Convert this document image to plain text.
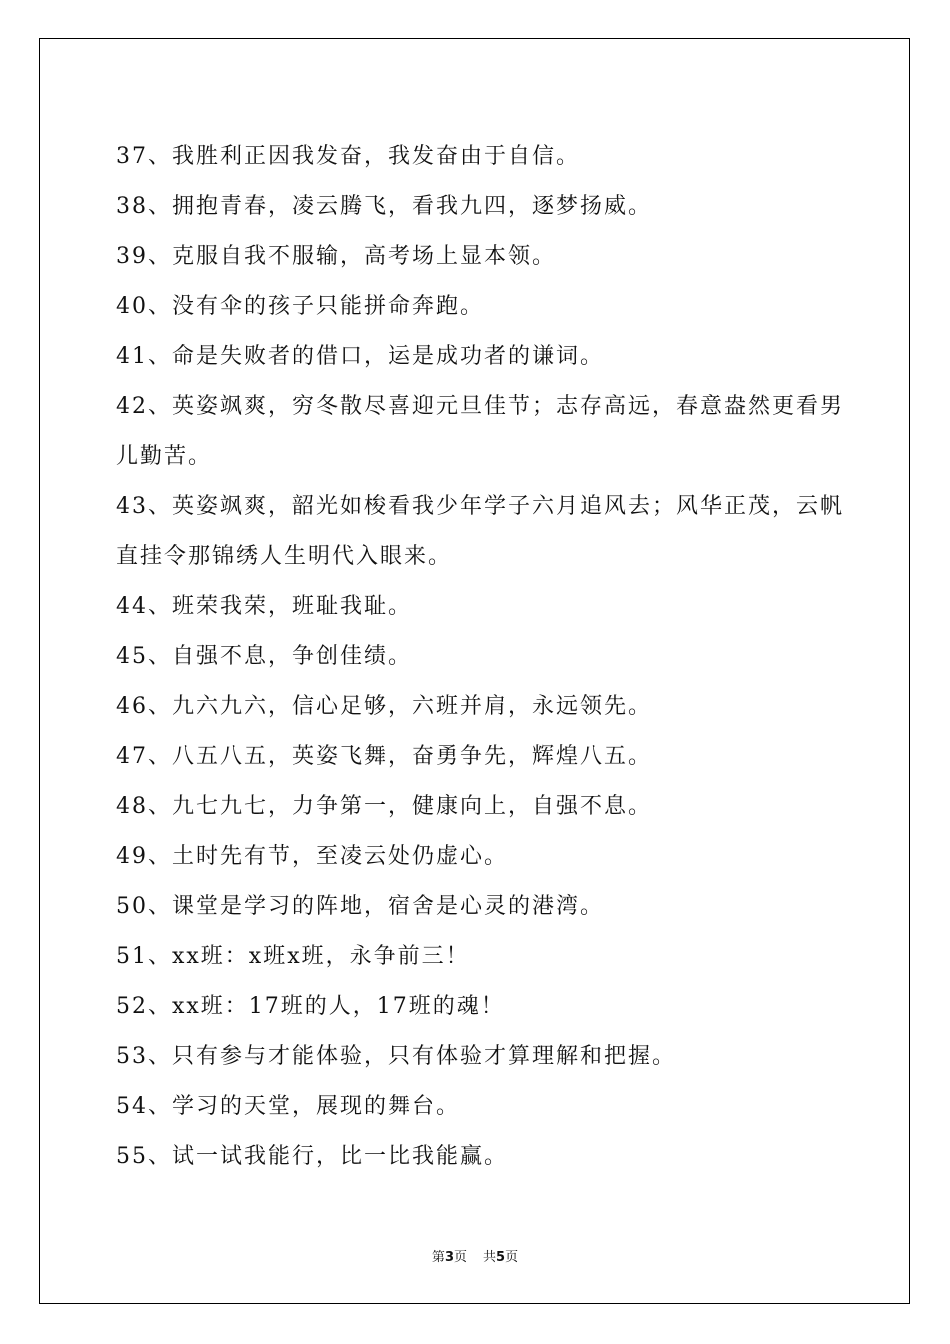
37、我胜利正因我发奋，我发奋由于自信。
38、拥抱青春，凌云腾飞，看我九四，逐梦扬威。
39、克服自我不服输，高考场上显本领。
40、没有伞的孩子只能拼命奔跑。
41、命是失败者的借口，运是成功者的谦词。
42、英姿飒爽，穷冬散尽喜迎元旦佳节；志存高远，春意盎然更看男
儿勤苦。
43、英姿飒爽，韶光如梭看我少年学子六月追风去；风华正茂，云帆
直挂令那锦绣人生明代入眼来。
44、班荣我荣，班耻我耻。
45、自强不息，争创佳绩。
46、九六九六，信心足够，六班并肩，永远领先。
47、八五八五，英姿飞舞，奋勇争先，辉煌八五。
48、九七九七，力争第一，健康向上，自强不息。
49、土时先有节，至凌云处仍虚心。
50、课堂是学习的阵地，宿舍是心灵的港湾。
51、xx班：x班x班，永争前三！
52、xx班：17班的人，17班的魂！
53、只有参与才能体验，只有体验才算理解和把握。
54、学习的天堂，展现的舞台。
55、试一试我能行，比一比我能赢。
第3页 共5页
